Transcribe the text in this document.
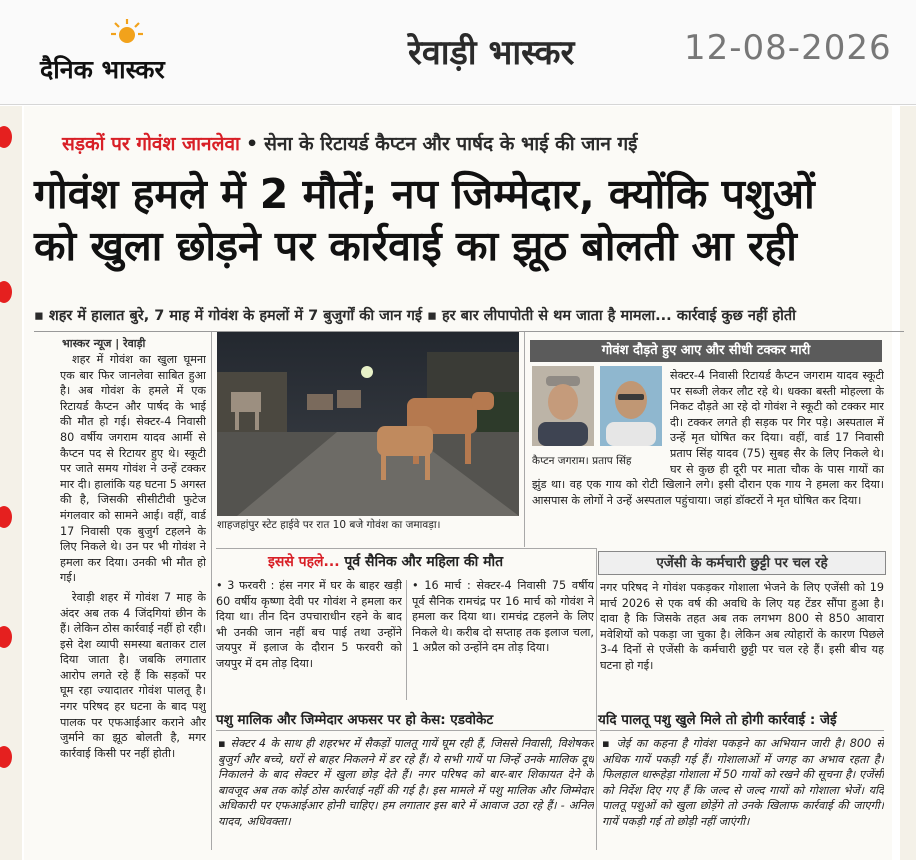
दैनिक भास्कर	रेवाड़ी भास्कर	12-08-2026
सड़कों पर गोवंश जानलेवा • सेना के रिटायर्ड कैप्टन और पार्षद के भाई की जान गई
गोवंश हमले में 2 मौतें; नप जिम्मेदार, क्योंकि पशुओं
को खुला छोड़ने पर कार्रवाई का झूठ बोलती आ रही
▪ शहर में हालात बुरे, 7 माह में गोवंश के हमलों में 7 बुजुर्गों की जान गई ▪ हर बार लीपापोती से थम जाता है मामला... कार्रवाई कुछ नहीं होती
भास्कर न्यूज | रेवाड़ी

शहर में गोवंश का खुला घूमना एक बार फिर जानलेवा साबित हुआ है। अब गोवंश के हमले में एक रिटायर्ड कैप्टन और पार्षद के भाई की मौत हो गई। सेक्टर-4 निवासी 80 वर्षीय जगराम यादव आर्मी से कैप्टन पद से रिटायर हुए थे। स्कूटी पर जाते समय गोवंश ने उन्हें टक्कर मार दी। हालांकि यह घटना 5 अगस्त की है, जिसकी सीसीटीवी फुटेज मंगलवार को सामने आई। वहीं, वार्ड 17 निवासी एक बुजुर्ग टहलने के लिए निकले थे। उन पर भी गोवंश ने हमला कर दिया। उनकी भी मौत हो गई।

रेवाड़ी शहर में गोवंश 7 माह के अंदर अब तक 4 जिंदगियां छीन के हैं। लेकिन ठोस कार्रवाई नहीं हो रही। इसे देश व्यापी समस्या बताकर टाल दिया जाता है। जबकि लगातार आरोप लगते रहे हैं कि सड़कों पर घूम रहा ज्यादातर गोवंश पालतू है। नगर परिषद हर घटना के बाद पशु पालक पर एफआईआर कराने और जुर्माने का झूठ बोलती है, मगर कार्रवाई किसी पर नहीं होती।

शाहजहांपुर स्टेट हाईवे पर रात 10 बजे गोवंश का जमावड़ा।
गोवंश दौड़ते हुए आए और सीधी टक्कर मारी
कैप्टन जगराम। प्रताप सिंह
सेक्टर-4 निवासी रिटायर्ड कैप्टन जगराम यादव स्कूटी पर सब्जी लेकर लौट रहे थे। धक्का बस्ती मोहल्ला के निकट दौड़ते आ रहे दो गोवंश ने स्कूटी को टक्कर मार दी। टक्कर लगते ही सड़क पर गिर पड़े। अस्पताल में उन्हें मृत घोषित कर दिया। वहीं, वार्ड 17 निवासी प्रताप सिंह यादव (75) सुबह सैर के लिए निकले थे। घर से कुछ ही दूरी पर माता चौक के पास गायों का झुंड था। वह एक गाय को रोटी खिलाने लगे। इसी दौरान एक गाय ने हमला कर दिया। आसपास के लोगों ने उन्हें अस्पताल पहुंचाया। जहां डॉक्टरों ने मृत घोषित कर दिया।
इससे पहले... पूर्व सैनिक और महिला की मौत
• 3 फरवरी : हंस नगर में घर के बाहर खड़ी 60 वर्षीय कृष्णा देवी पर गोवंश ने हमला कर दिया था। तीन दिन उपचाराधीन रहने के बाद भी उनकी जान नहीं बच पाई तथा उन्होंने जयपुर में इलाज के दौरान 5 फरवरी को जयपुर में दम तोड़ दिया।
• 16 मार्च : सेक्टर-4 निवासी 75 वर्षीय पूर्व सैनिक रामचंद्र पर 16 मार्च को गोवंश ने हमला कर दिया था। रामचंद्र टहलने के लिए निकले थे। करीब दो सप्ताह तक इलाज चला, 1 अप्रैल को उन्होंने दम तोड़ दिया।
पशु मालिक और जिम्मेदार अफसर पर हो केस: एडवोकेट
▪ सेक्टर 4 के साथ ही शहरभर में सैकड़ों पालतू गायें घूम रही हैं, जिससे निवासी, विशेषकर बुजुर्ग और बच्चे, घरों से बाहर निकलने में डर रहे हैं। ये सभी गायें पा जिन्हें उनके मालिक दूध निकालने के बाद सेक्टर में खुला छोड़ देते हैं। नगर परिषद को बार-बार शिकायत देने के बावजूद अब तक कोई ठोस कार्रवाई नहीं की गई है। इस मामले में पशु मालिक और जिम्मेदार अधिकारी पर एफआईआर होनी चाहिए। हम लगातार इस बारे में आवाज उठा रहे हैं। - अनिल यादव, अधिवक्ता।
एजेंसी के कर्मचारी छुट्टी पर चल रहे
नगर परिषद ने गोवंश पकड़कर गोशाला भेजने के लिए एजेंसी को 19 मार्च 2026 से एक वर्ष की अवधि के लिए यह टेंडर सौंपा हुआ है। दावा है कि जिसके तहत अब तक लगभग 800 से 850 आवारा मवेशियों को पकड़ा जा चुका है। लेकिन अब त्योहारों के कारण पिछले 3-4 दिनों से एजेंसी के कर्मचारी छुट्टी पर चल रहे हैं। इसी बीच यह घटना हो गई।
यदि पालतू पशु खुले मिले तो होगी कार्रवाई : जेई
▪ जेई का कहना है गोवंश पकड़ने का अभियान जारी है। 800 से अधिक गायें पकड़ी गई हैं। गोशालाओं में जगह का अभाव रहता है। फिलहाल धारूहेड़ा गोशाला में 50 गायों को रखने की सूचना है। एजेंसी को निर्देश दिए गए हैं कि जल्द से जल्द गायों को गोशाला भेजें। यदि पालतू पशुओं को खुला छोड़ेंगे तो उनके खिलाफ कार्रवाई की जाएगी। गायें पकड़ी गई तो छोड़ी नहीं जाएंगी।
